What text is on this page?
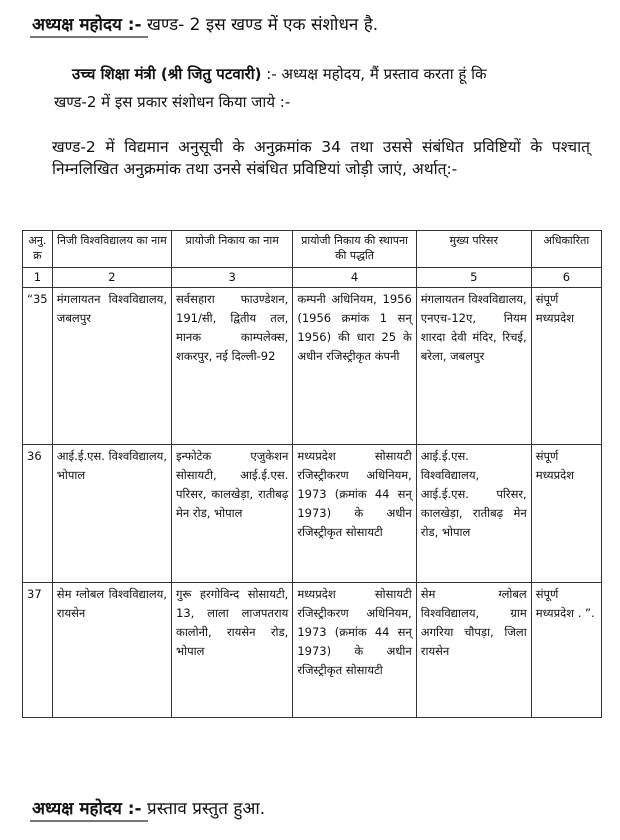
अध्यक्ष महोदय :- खण्ड- 2 इस खण्ड में एक संशोधन है.
उच्च शिक्षा मंत्री (श्री जितु पटवारी) :- अध्यक्ष महोदय, मैं प्रस्ताव करता हूं कि
खण्ड-2 में इस प्रकार संशोधन किया जाये :-
खण्ड-2 में विद्यमान अनुसूची के अनुक्रमांक 34 तथा उससे संबंधित प्रविष्टियों के पश्चात् निम्नलिखित अनुक्रमांक तथा उनसे संबंधित प्रविष्टियां जोड़ी जाएं, अर्थात्:-
अनु. क्र	निजी विश्वविद्यालय का नाम	प्रायोजी निकाय का नाम	प्रायोजी निकाय की स्थापना की पद्धति	मुख्य परिसर	अधिकारिता
1	2	3	4	5	6
“35	मंगलायतन विश्वविद्यालय, जबलपुर	सर्वसहारा फाउण्डेशन, 191/सी, द्वितीय तल, मानक काम्पलेक्स, शकरपुर, नई दिल्ली-92	कम्पनी अधिनियम, 1956 (1956 क्रमांक 1 सन् 1956) की धारा 25 के अधीन रजिस्ट्रीकृत कंपनी	मंगलायतन विश्वविद्यालय, एनएच-12ए, नियम शारदा देवी मंदिर, रिचई, बरेला, जबलपुर	संपूर्ण मध्यप्रदेश
36	आई.ई.एस. विश्वविद्यालय, भोपाल	इन्फोटेक एजुकेशन सोसायटी, आई.ई.एस. परिसर, कालखेड़ा, रातीबढ़ मेन रोड, भोपाल	मध्यप्रदेश सोसायटी रजिस्ट्रीकरण अधिनियम, 1973 (क्रमांक 44 सन् 1973) के अधीन रजिस्ट्रीकृत सोसायटी	आई.ई.एस. विश्वविद्यालय, आई.ई.एस. परिसर, कालखेड़ा, रातीबढ़ मेन रोड, भोपाल	संपूर्ण मध्यप्रदेश
37	सेम ग्लोबल विश्वविद्यालय, रायसेन	गुरू हरगोविन्द सोसायटी, 13, लाला लाजपतराय कालोनी, रायसेन रोड, भोपाल	मध्यप्रदेश सोसायटी रजिस्ट्रीकरण अधिनियम, 1973 (क्रमांक 44 सन् 1973) के अधीन रजिस्ट्रीकृत सोसायटी	सेम ग्लोबल विश्वविद्यालय, ग्राम अगरिया चौपड़ा, जिला रायसेन	संपूर्ण मध्यप्रदेश . ”.
अध्यक्ष महोदय :- प्रस्ताव प्रस्तुत हुआ.
